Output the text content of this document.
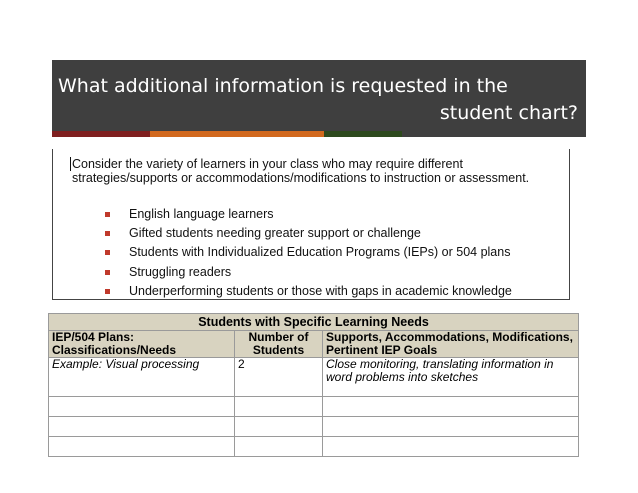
What additional information is requested in the
student chart?
Consider the variety of learners in your class who may require different strategies/supports or accommodations/modifications to instruction or assessment.
English language learners
Gifted students needing greater support or challenge
Students with Individualized Education Programs (IEPs) or 504 plans
Struggling readers
Underperforming students or those with gaps in academic knowledge
Students with Specific Learning Needs		
IEP/504 Plans: Classifications/Needs	Number of Students	Supports, Accommodations, Modifications, Pertinent IEP Goals
Example: Visual processing	2	Close monitoring, translating information in word problems into sketches
